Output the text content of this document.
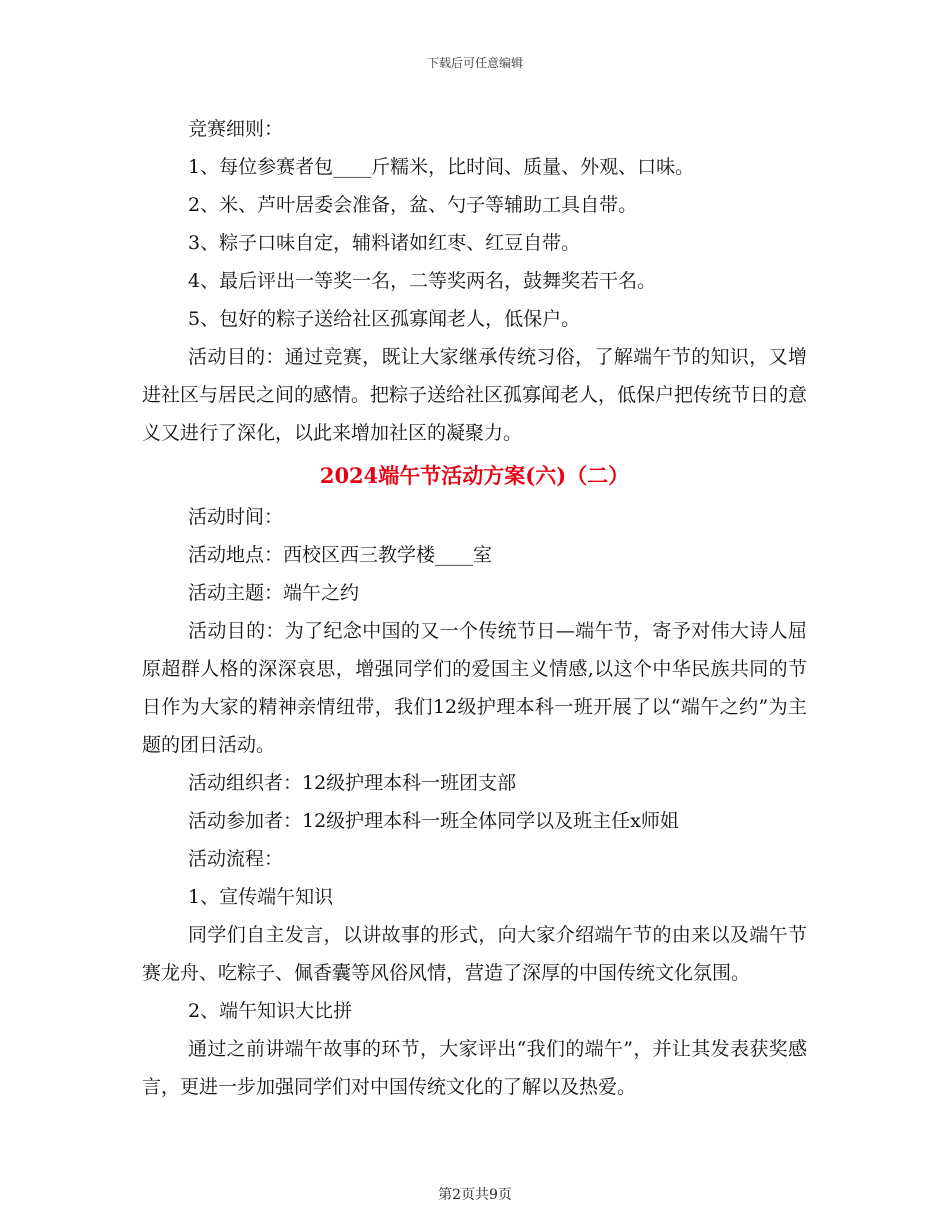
下载后可任意编辑

竞赛细则：

1、每位参赛者包____斤糯米，比时间、质量、外观、口味。

2、米、芦叶居委会准备，盆、勺子等辅助工具自带。

3、粽子口味自定，辅料诸如红枣、红豆自带。

4、最后评出一等奖一名，二等奖两名，鼓舞奖若干名。

5、包好的粽子送给社区孤寡闻老人，低保户。

活动目的：通过竞赛，既让大家继承传统习俗，了解端午节的知识，又增进社区与居民之间的感情。把粽子送给社区孤寡闻老人，低保户把传统节日的意义又进行了深化，以此来增加社区的凝聚力。

2024端午节活动方案(六)（二）

活动时间：

活动地点：西校区西三教学楼____室

活动主题：端午之约

活动目的：为了纪念中国的又一个传统节日—端午节，寄予对伟大诗人屈原超群人格的深深哀思，增强同学们的爱国主义情感,以这个中华民族共同的节日作为大家的精神亲情纽带，我们12级护理本科一班开展了以“端午之约”为主题的团日活动。

活动组织者：12级护理本科一班团支部

活动参加者：12级护理本科一班全体同学以及班主任x师姐

活动流程：

1、宣传端午知识

同学们自主发言，以讲故事的形式，向大家介绍端午节的由来以及端午节赛龙舟、吃粽子、佩香囊等风俗风情，营造了深厚的中国传统文化氛围。

2、端午知识大比拼

通过之前讲端午故事的环节，大家评出“我们的端午”，并让其发表获奖感言，更进一步加强同学们对中国传统文化的了解以及热爱。

第2页共9页
